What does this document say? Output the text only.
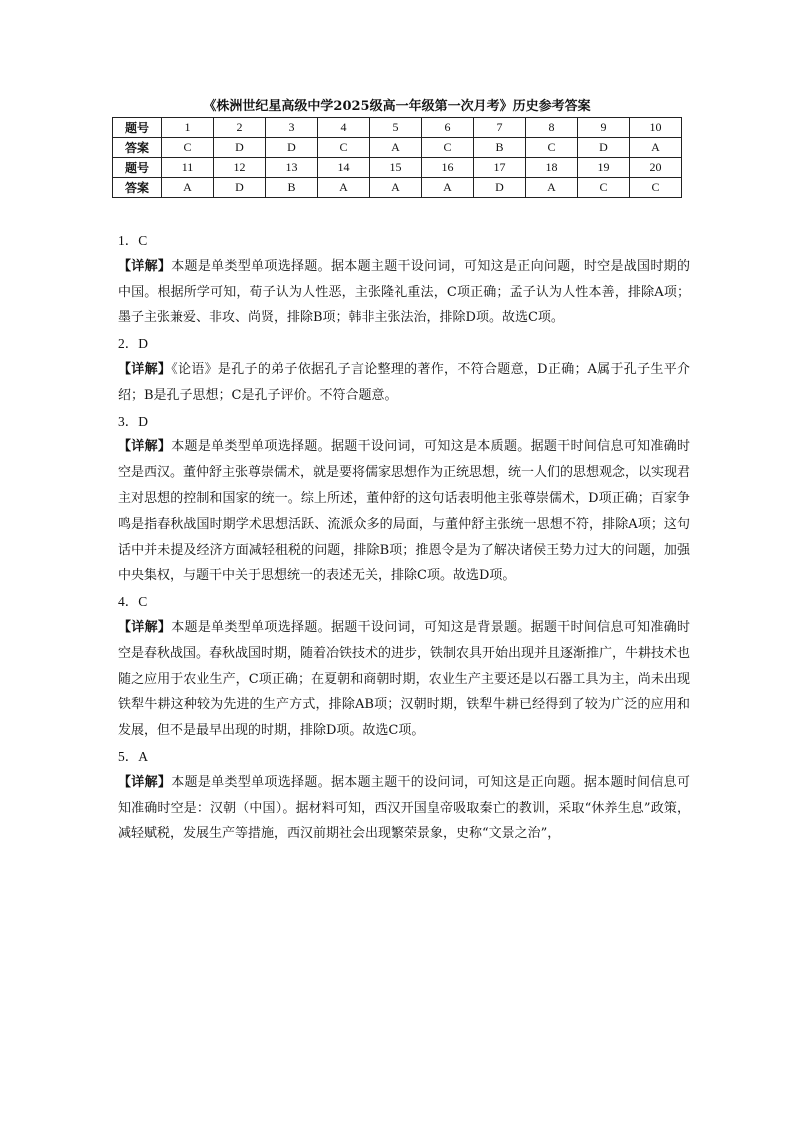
《株洲世纪星高级中学2025级高一年级第一次月考》历史参考答案
题号	1	2	3	4	5	6	7	8	9	10
答案	C	D	D	C	A	C	B	C	D	A
题号	11	12	13	14	15	16	17	18	19	20
答案	A	D	B	A	A	A	D	A	C	C

1．C

【详解】本题是单类型单项选择题。据本题主题干设问词，可知这是正向问题，时空是战国时期的中国。根据所学可知，荀子认为人性恶，主张隆礼重法，C项正确；孟子认为人性本善，排除A项；墨子主张兼爱、非攻、尚贤，排除B项；韩非主张法治，排除D项。故选C项。

2．D

【详解】《论语》是孔子的弟子依据孔子言论整理的著作，不符合题意，D正确；A属于孔子生平介绍；B是孔子思想；C是孔子评价。不符合题意。

3．D

【详解】本题是单类型单项选择题。据题干设问词，可知这是本质题。据题干时间信息可知准确时空是西汉。董仲舒主张尊崇儒术，就是要将儒家思想作为正统思想，统一人们的思想观念，以实现君主对思想的控制和国家的统一。综上所述，董仲舒的这句话表明他主张尊崇儒术，D项正确；百家争鸣是指春秋战国时期学术思想活跃、流派众多的局面，与董仲舒主张统一思想不符，排除A项；这句话中并未提及经济方面减轻租税的问题，排除B项；推恩令是为了解决诸侯王势力过大的问题，加强中央集权，与题干中关于思想统一的表述无关，排除C项。故选D项。

4．C

【详解】本题是单类型单项选择题。据题干设问词，可知这是背景题。据题干时间信息可知准确时空是春秋战国。春秋战国时期，随着冶铁技术的进步，铁制农具开始出现并且逐渐推广，牛耕技术也随之应用于农业生产，C项正确；在夏朝和商朝时期，农业生产主要还是以石器工具为主，尚未出现铁犁牛耕这种较为先进的生产方式，排除AB项；汉朝时期，铁犁牛耕已经得到了较为广泛的应用和发展，但不是最早出现的时期，排除D项。故选C项。

5．A

【详解】本题是单类型单项选择题。据本题主题干的设问词，可知这是正向题。据本题时间信息可知准确时空是：汉朝（中国）。据材料可知，西汉开国皇帝吸取秦亡的教训，采取“休养生息”政策，减轻赋税，发展生产等措施，西汉前期社会出现繁荣景象，史称“文景之治”，
